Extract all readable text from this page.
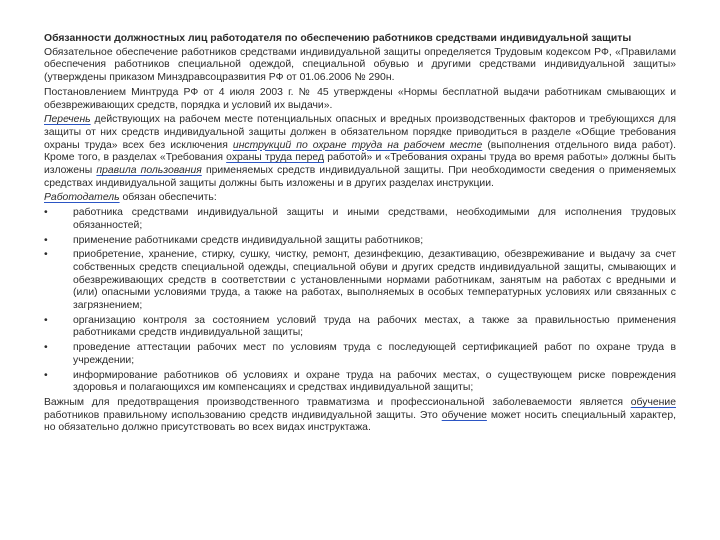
Обязанности должностных лиц работодателя по обеспечению работников средствами индивидуальной защиты

Обязательное обеспечение работников средствами индивидуальной защиты определяется Трудовым кодексом РФ, «Правилами обеспечения работников специальной одеждой, специальной обувью и другими средствами индивидуальной защиты» (утверждены приказом Минздравсоцразвития РФ от 01.06.2006 № 290н.

Постановлением Минтруда РФ от 4 июля 2003 г. № 45 утверждены «Нормы бесплатной выдачи работникам смывающих и обезвреживающих средств, порядка и условий их выдачи».

Перечень действующих на рабочем месте потенциальных опасных и вредных производственных факторов и требующихся для защиты от них средств индивидуальной защиты должен в обязательном порядке приводиться в разделе «Общие требования охраны труда» всех без исключения инструкций по охране труда на рабочем месте (выполнения отдельного вида работ). Кроме того, в разделах «Требования охраны труда перед работой» и «Требования охраны труда во время работы» должны быть изложены правила пользования применяемых средств индивидуальной защиты. При необходимости сведения о применяемых средствах индивидуальной защиты должны быть изложены и в других разделах инструкции.

Работодатель обязан обеспечить:

•	работника средствами индивидуальной защиты и иными средствами, необходимыми для исполнения трудовых обязанностей;
•	применение работниками средств индивидуальной защиты работников;
•	приобретение, хранение, стирку, сушку, чистку, ремонт, дезинфекцию, дезактивацию, обезвреживание и выдачу за счет собственных средств специальной одежды, специальной обуви и других средств индивидуальной защиты, смывающих и обезвреживающих средств в соответствии с установленными нормами работникам, занятым на работах с вредными и (или) опасными условиями труда, а также на работах, выполняемых в особых температурных условиях или связанных с загрязнением;
•	организацию контроля за состоянием условий труда на рабочих местах, а также за правильностью применения работниками средств индивидуальной защиты;
•	проведение аттестации рабочих мест по условиям труда с последующей сертификацией работ по охране труда в учреждении;
•	информирование работников об условиях и охране труда на рабочих местах, о существующем риске повреждения здоровья и полагающихся им компенсациях и средствах индивидуальной защиты;

Важным для предотвращения производственного травматизма и профессиональной заболеваемости является обучение работников правильному использованию средств индивидуальной защиты. Это обучение может носить специальный характер, но обязательно должно присутствовать во всех видах инструктажа.
